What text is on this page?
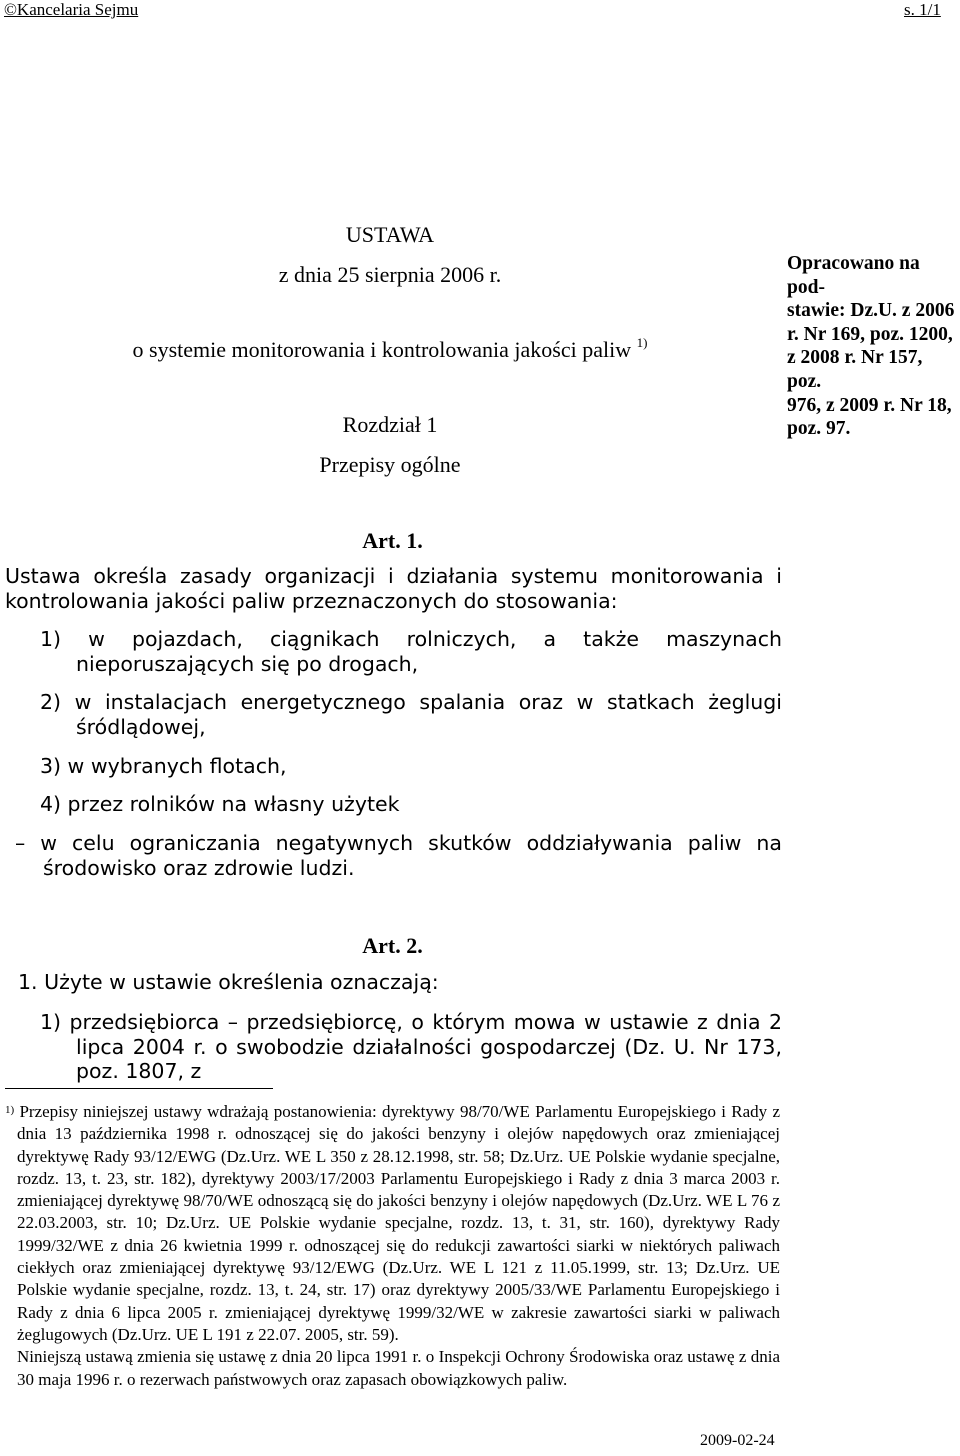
©Kancelaria Sejmu	s. 1/1
USTAWA
z dnia 25 sierpnia 2006 r.
o systemie monitorowania i kontrolowania jakości paliw $^{1)}$
Opracowano na pod-
stawie: Dz.U. z 2006
r. Nr 169, poz. 1200,
z 2008 r. Nr 157, poz.
976, z 2009 r. Nr 18,
poz. 97.
Rozdział 1
Przepisy ogólne
Art. 1.

Ustawa określa zasady organizacji i działania systemu monitorowania i kontrolowania jakości paliw przeznaczonych do stosowania:

1) w pojazdach, ciągnikach rolniczych, a także maszynach nieporuszających się po drogach,

2) w instalacjach energetycznego spalania oraz w statkach żeglugi śródlądowej,

3) w wybranych flotach,

4) przez rolników na własny użytek

– w celu ograniczania negatywnych skutków oddziaływania paliw na środowisko oraz zdrowie ludzi.

Art. 2.

1. Użyte w ustawie określenia oznaczają:

1) przedsiębiorca – przedsiębiorcę, o którym mowa w ustawie z dnia 2 lipca 2004 r. o swobodzie działalności gospodarczej (Dz. U. Nr 173, poz. 1807, z

$^{1)}$ Przepisy niniejszej ustawy wdrażają postanowienia: dyrektywy 98/70/WE Parlamentu Europejskiego i Rady z dnia 13 października 1998 r. odnoszącej się do jakości benzyny i olejów napędowych oraz zmieniającej dyrektywę Rady 93/12/EWG (Dz.Urz. WE L 350 z 28.12.1998, str. 58; Dz.Urz. UE Polskie wydanie specjalne, rozdz. 13, t. 23, str. 182), dyrektywy 2003/17/2003 Parlamentu Europejskiego i Rady z dnia 3 marca 2003 r. zmieniającej dyrektywę 98/70/WE odnoszącą się do jakości benzyny i olejów napędowych (Dz.Urz. WE L 76 z 22.03.2003, str. 10; Dz.Urz. UE Polskie wydanie specjalne, rozdz. 13, t. 31, str. 160), dyrektywy Rady 1999/32/WE z dnia 26 kwietnia 1999 r. odnoszącej się do redukcji zawartości siarki w niektórych paliwach ciekłych oraz zmieniającej dyrektywę 93/12/EWG (Dz.Urz. WE L 121 z 11.05.1999, str. 13; Dz.Urz. UE Polskie wydanie specjalne, rozdz. 13, t. 24, str. 17) oraz dyrektywy 2005/33/WE Parlamentu Europejskiego i Rady z dnia 6 lipca 2005 r. zmieniającej dyrektywę 1999/32/WE w zakresie zawartości siarki w paliwach żeglugowych (Dz.Urz. UE L 191 z 22.07. 2005, str. 59).

Niniejszą ustawą zmienia się ustawę z dnia 20 lipca 1991 r. o Inspekcji Ochrony Środowiska oraz ustawę z dnia 30 maja 1996 r. o rezerwach państwowych oraz zapasach obowiązkowych paliw.

2009-02-24
